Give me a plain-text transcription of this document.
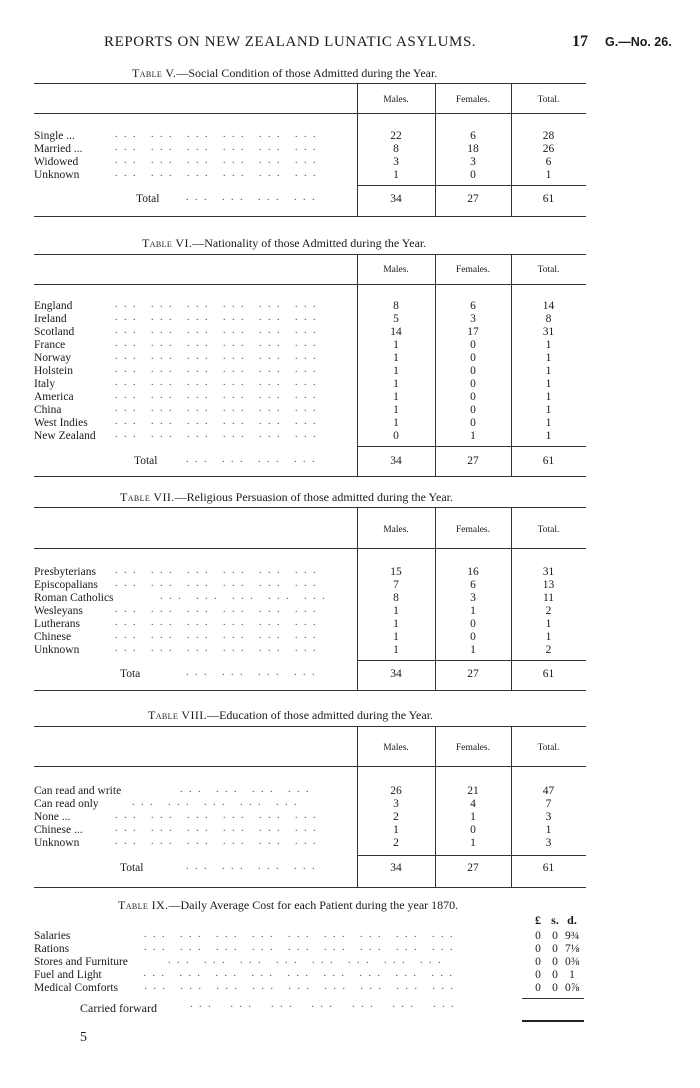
REPORTS ON NEW ZEALAND LUNATIC ASYLUMS.	17 G.—No. 26.
Table V.—Social Condition of those Admitted during the Year.
Males.	Females.	Total.
Single ...	. . .   . . .   . . .   . . .   . . .   . . .	22	6	28
Married ...	. . .   . . .   . . .   . . .   . . .   . . .	8	18	26
Widowed	. . .   . . .   . . .   . . .   . . .   . . .	3	3	6
Unknown	. . .   . . .   . . .   . . .   . . .   . . .	1	0	1
Total	. . .   . . .   . . .   . . .	34	27	61
Table VI.—Nationality of those Admitted during the Year.
Males.	Females.	Total.
England	. . .   . . .   . . .   . . .   . . .   . . .	8	6	14
Ireland	. . .   . . .   . . .   . . .   . . .   . . .	5	3	8
Scotland	. . .   . . .   . . .   . . .   . . .   . . .	14	17	31
France	. . .   . . .   . . .   . . .   . . .   . . .	1	0	1
Norway	. . .   . . .   . . .   . . .   . . .   . . .	1	0	1
Holstein	. . .   . . .   . . .   . . .   . . .   . . .	1	0	1
Italy	. . .   . . .   . . .   . . .   . . .   . . .	1	0	1
America	. . .   . . .   . . .   . . .   . . .   . . .	1	0	1
China	. . .   . . .   . . .   . . .   . . .   . . .	1	0	1
West Indies	. . .   . . .   . . .   . . .   . . .   . . .	1	0	1
New Zealand . . .   . . .   . . .   . . .   . . .   . . .	0	1	1
Total	. . .   . . .   . . .   . . .	34	27	61
Table VII.—Religious Persuasion of those admitted during the Year.
Males.	Females.	Total.
Presbyterians . . .   . . .   . . .   . . .   . . .   . . .	15	16	31
Episcopalians . . .   . . .   . . .   . . .   . . .   . . .	7	6	13
Roman Catholics	. . .   . . .   . . .   . . .   . . .	8	3	11
Wesleyans	. . .   . . .   . . .   . . .   . . .   . . .	1	1	2
Lutherans	. . .   . . .   . . .   . . .   . . .   . . .	1	0	1
Chinese	. . .   . . .   . . .   . . .   . . .   . . .	1	0	1
Unknown	. . .   . . .   . . .   . . .   . . .   . . .	1	1	2
Tota	. . .   . . .   . . .   . . .	34	27	61
Table VIII.—Education of those admitted during the Year.
Males.	Females.	Total.
Can read and write	. . .   . . .   . . .   . . .	26	21	47
Can read only	. . .   . . .   . . .   . . .   . . .	3	4	7
None ...	. . .   . . .   . . .   . . .   . . .   . . .	2	1	3
Chinese ...	. . .   . . .   . . .   . . .   . . .   . . .	1	0	1
Unknown	. . .   . . .   . . .   . . .   . . .   . . .	2	1	3
Total	. . .   . . .   . . .   . . .	34	27	61
Table IX.—Daily Average Cost for each Patient during the year 1870.
£ s. d.
Salaries	. . .   . . .   . . .   . . .   . . .   . . .   . . .   . . .   . . .	0 0 9¾
Rations	. . .   . . .   . . .   . . .   . . .   . . .   . . .   . . .   . . .	0 0 7⅛
Stores and Furniture . . .   . . .   . . .   . . .   . . .   . . .   . . .   . . .	0 0 0⅜
Fuel and Light	. . .   . . .   . . .   . . .   . . .   . . .   . . .   . . .   . . .	0 0 1
Medical Comforts . . .   . . .   . . .   . . .   . . .   . . .   . . .   . . .   . . .	0 0 0⅞
Carried forward	. . .    . . .    . . .    . . .    . . .    . . .    . . .
5
